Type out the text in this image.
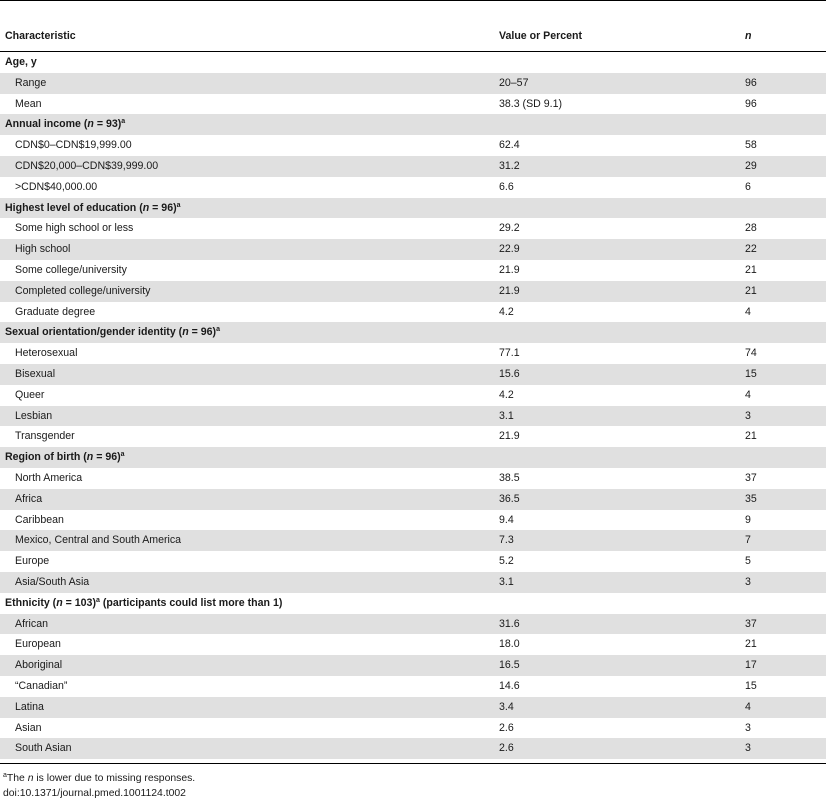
Characteristic	Value or Percent	n
Age, y		
Range	20–57	96
Mean	38.3 (SD 9.1)	96
Annual income (n = 93)$^a$
CDN$0–CDN$19,999.00	62.4	58
CDN$20,000–CDN$39,999.00	31.2	29
>CDN$40,000.00	6.6	6
Highest level of education (n = 96)$^a$
Some high school or less	29.2	28
High school	22.9	22
Some college/university	21.9	21
Completed college/university	21.9	21
Graduate degree	4.2	4
Sexual orientation/gender identity (n = 96)$^a$
Heterosexual	77.1	74
Bisexual	15.6	15
Queer	4.2	4
Lesbian	3.1	3
Transgender	21.9	21
Region of birth (n = 96)$^a$
North America	38.5	37
Africa	36.5	35
Caribbean	9.4	9
Mexico, Central and South America	7.3	7
Europe	5.2	5
Asia/South Asia	3.1	3
Ethnicity (n = 103)$^a$ (participants could list more than 1)		
African	31.6	37
European	18.0	21
Aboriginal	16.5	17
“Canadian”	14.6	15
Latina	3.4	4
Asian	2.6	3
South Asian	2.6	3
$^a$The n is lower due to missing responses.
doi:10.1371/journal.pmed.1001124.t002
